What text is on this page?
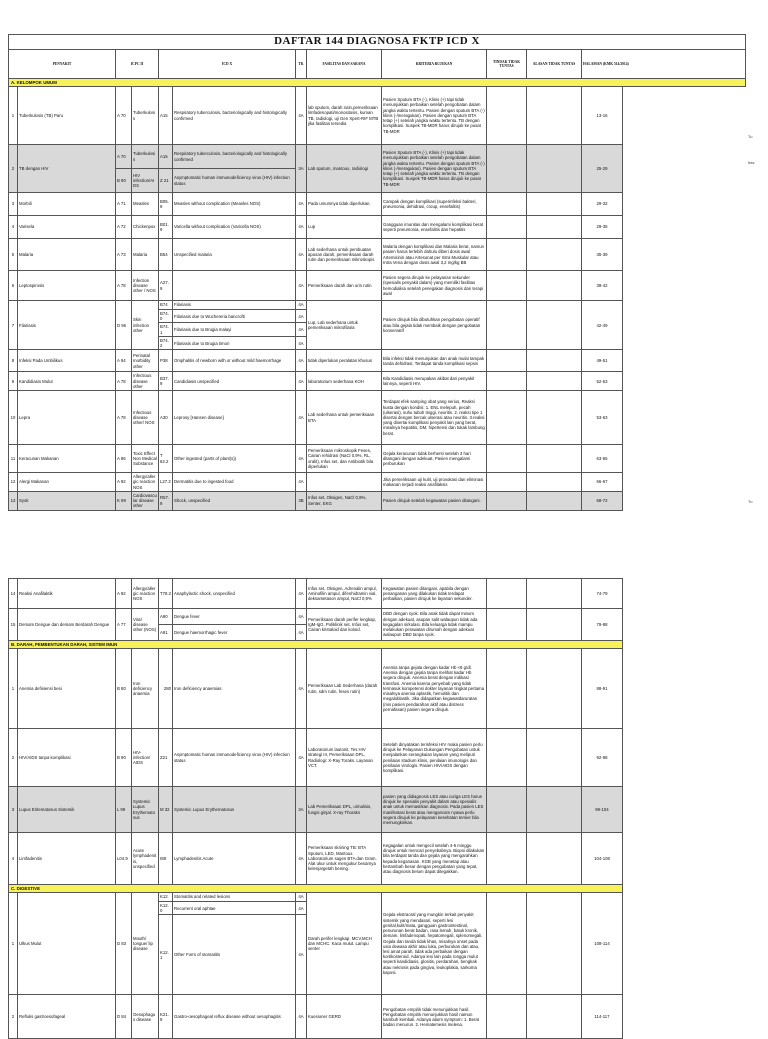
DAFTAR 144 DIAGNOSA FKTP ICD X												
PENYAKIT		ICPC II		ICD X		TK	FASILITAS DAN SARANA	KRITERIA RUJUKAN	TINDAK TIDAK TUNTAS	ALASAN TIDAK TUNTAS	HALAMAN (KMK 514/2014)	
A. KELOMPOK UMUM												
1	Tuberkulosis (TB) Paru	A 70	Tuberkulosis	A15	Respiratory tuberculosis, bacteriologically and histologically confirmed	4A	lab sputum, darah rutin,pemeriksaan limfadenopati/monositosis, kuman TB, radiologi, uji Gen Xpert-RIF MTB jika fasilitas tersedia	Pasien Sputum BTA (-), Klinis (+) tapi tidak menunjukkan perbaikan setelah pengobatan dalam jangka waktu tertentu. Pasien dengan sputum BTA (-) klinis (-/meragukan). Pasien dengan sputum BTA tetap (+) setelah jangka waktu tertentu. TB dengan komplikasi. Suspek TB-MDR harus dirujuk ke pusat TB-MDR			13-16	
2	TB dengan HIV	A 70	Tuberkulosis	A15	Respiratory tuberculosis, bacteriologically and histologically confirmed	3A	Lab sputum, mantoux, radiologi	Pasien Sputum BTA (-), Klinis (+) tapi tidak menunjukkan perbaikan setelah pengobatan dalam jangka waktu tertentu. Pasien dengan sputum BTA (-) klinis (-/meragukan). Pasien dengan sputum BTA tetap (+) setelah jangka waktu tertentu. TB dengan komplikasi. Suspek TB-MDR harus dirujuk ke pusat TB-MDR			25-29	
		B 90	HIV infection/AIDS	Z 21	Asymptomatic human immunodeficiency virus (HIV) infection status							
3	Morbili	A 71	Measles	B05.9	Measles without complication (Measles NOS)	4A	Pada umumnya tidak diperlukan.	Campak dengan komplikasi (superinfeksi bakteri, pneumonia, dehidrasi, croup, ensefalitis)			29-32	
4	Varisela	A 72	Chickenpox	B01.9	Varicella without complication (Varicella NOS)	4A	Lup	Gangguan imunitas dan mengalami komplikasi berat seperti pneumonia, ensefalitis dan hepatitis			29-35	
5	Malaria	A 73	Malaria	B54	Unspecified malaria	4A	Lab sederhana untuk pembuatan apusan darah, pemeriksaan darah rutin dan pemeriksaan mikroskopis	Malaria dengan komplikasi dan Malaria berat, namun pasien harus terlebih dahulu diberi dosis awal Artemisinin atau Artesunat per Intra Muskular atau Intra Vena dengan dosis awal 3,2 mg/kg BB			35-39	
6	Leptospirosis	A 78	Infection disease other / NOS	A27.9		4A	Pemeriksaan darah dan urin rutin	Pasien segera dirujuk ke pelayanan sekunder (spesialis penyakit dalam) yang memiliki fasilitas hemodialisa setelah penegakan diagnosis dan terapi awal			39-42	
7	Filariasis	D 96	Skin infection other	B74	Filariasis	4A	Lup, Lab sederhana untuk pemeriksaan mikrofilaria	Pasien dirujuk bila dibutuhkan pengobatan operatif atau bila gejala tidak membaik dengan pengobatan konservatif			42-49	
				B74.0	Filariasis due to Wuchereria bancrofti	4A						
				B74.1	Filariasis due to Brugia malayi	4A						
				B74.2	Filariasis due to Brugia timori	4A						
8	Infeksi Pada Umbilikus	A 94	Perinatal morbidity other	P38	Omphalitis of newborn with or without mild haemorrhage	4A	tidak diperlukan peralatan khusus	Bila infeksi tidak menunjukan dan anak mulai tampak tanda dehidrasi, Terdapat tanda komplikasi sepsis			49-51	
9	Kandidiasis Mulut	A 78	Infectious disease other	B37.9	Candidiasis unspecified	4A	laboratorium sederhana KOH	Bila Kandidiasis merupakan akibat dari penyakit lainnya, seperti HIV.			52-53	
10	Lepra	A 78	Infectious disease other/ NOS	A30	Leprosy [Hansen disease]	4A	Lab sederhana untuk pemeriksaan BTA	Terdapat efek samping obat yang serius, Reaksi kusta dengan kondisi: 1. ENL melepuh, pecah (ulserasi), suhu tubuh tinggi, neuritis. 2. reaksi tipe 1 disertai dengan bercak ulserasi atau neuritis. 3.reaksi yang disertai komplikasi penyakit lain yang berat, misalnya hepatitis, DM, hipertensi dan tukak lambung berat.			53-63	
11	Keracunan Makanan	A 86	Toxic Effect Non Medical Substance	T 62.2	Other ingested (parts of plant(s))	4A	Pemeriksaan mikroskopik Feses, Cairan rehidrasi (NaCl 0,9%, RL, oralit), Infus set, dan Antibiotik bila diperlukan	Gejala keracunan tidak berhenti setelah 3 hari ditangani dengan adekuat, Pasien mengalami perburukan			63-65	
12	Alergi Makanan	A 92	Allergy/allergic reaction NOS	L27.2	Dermatitis due to ingested food	4A		Jika pemeriksaan uji kulit, uji provokasi dan eliminasi makanan terjadi reaksi anafilaksis			66-67	
13	Syok	K 99	Cardiovascular disease other	R57.9	Shock, unspecified	3B	Infus set, Oksigen, NaCl 0,9%, Senter, EKG	Pasien dirujuk setelah kegawatan pasien ditangani.			68-72	
Tu
Itas
Tu
14	Reaksi Anafilaktik	A 92	Allergy/allergic reaction NOS	T78.2	Anaphylactic shock, unspecified	4A	Infus set, Oksigen, Adrenalin ampul, Aminofilin ampul, difenhidramin vial, deksametason ampul, NaCl 0,9%	Kegawatan pasien ditangani, apabila dengan penanganan yang dilakukan tidak terdapat perbaikan, pasien dirujuk ke layanan sekunder.			74-79	
15	Demam Dengue dan demam Berdarah Dengue	A 77	Viral disease other (NOS)	A90	Dengue fever	4A	Pemeriksaan darah perifer lengkap, IgM-IgG, Poliklinik set, Infus set, Cairan kristaloid dan koloid.	DBD dengan syok. Bila anak tidak dapat minum dengan adekuat, asupan salit walaupun tidak ada kegagalan sirkulasi. Bila keluarga tidak mampu melakukan perawatan dirumah dengan adekuat walaupun DBD tanpa syok.			79-88	
				A91	Dengue haemorrhagic fever	4A						
B. DARAH, PEMBENTUKAN DARAH, SISTEM IMUN												
1	Anemia defisiensi besi	B 80	Iron deficiency anaemia	280	Iron deficiency anaemias	4A	Pemeriksaan Lab Sederhana (darah rutin, sdm rutin, feses rutin)	Anemia tanpa gejala dengan kadar Hb <8 g/dl. Anemia dengan gejala tanpa melihat kadar Hb segera dirujuk. Anemia berat dengan indikasi transfusi. Anemia karena penyebab yang tidak termasuk kompetensi dokter layanan tingkat pertama misalnya anemia aplastik, hemolitik dan megaloblastik. Jika didapatkan kegawatdaruratan (mis pasien pendarahan aktif atau distress pernafasan) pasien segera dirujuk.			88-91	
2	HIV/AIDS tanpa komplikasi	B 90	HIV-infection/ AIDS	Z21	Asymptomatic human immunodeficiency virus (HIV) infection status	4A	Laboratorium lautonit, Tes HIV strategi III, Pemeriksaan DPL, Radiologi: X-Ray Toraks. Layanan VCT.	Setelah dinyatakan terinfeksi HIV maka pasien perlu dirujuk ke Pelayanan Dukungan Pengobatan untuk menjalankan serangkaian layanan yang meliputi penilaian stadium klinis, penilaian imunologis dan penilaian virologis. Pasien HIV/AIDS dengan komplikasi.			92-98	
3	Lupus Eritematosus Sistemik	L 99	Systemic Lupus Erythematosus	M 32	Systemic Lupus Erythematosus	3A	Lab Pemeriksaan DPL, urinalisis, fungsi ginjal. X-ray Thoraks	pasien yang didiagnosis LES atau curiga LES harus dirujuk ke spesialis penyakit dalam atau spesialis anak untuk memastikan diagnosis. Pada pasien LES manifestasi berat atau mengancam nyawa perlu segera dirujuk ke pelayanan kesehatan tersier bila memungkinkan.			99-104	
4	Limfadenitis	L04.9	Acute lymphadenitis, unspecified	I88	Lymphadenitis Acute	4A	Pemeriksaan skrining TB: BTA Sputum, LED, Mantoux. Laboratorium sagen BTA dan Gram. Alat ukur untuk mengukur besarnya kelenjargetah bening.	Kegagalan untuk mengecil setelah 4-6 minggu dirujuk untuk mencari penyebabnya. Biopsi dilakukan bila terdapat tanda dan gejala yang mengarahkan kepada keganasan. KGB yang menetap atau bertambah besar dengan pengobatan yang tepat, atau diagnosis belum dapat ditegakkan.			104-108	
C. DIGESTIVE												
1	Ulkus Mulut	D 83	Mouth/ tongue/ lip disease	K12	Stomatitis and related lesions	4A	Darah perifer lengkap. MCV,MCH dan MCHC. Kaca mulut. Lampu senter	Gejala ekstraoral yang mungkin terkait penyakit sistemik yang mendasari, seperti lesi genital,kulit/mata, gangguan gastrointestinal, penurunan berat badan, rasa lemah, batuk kronik, demam, limfadenopati, hepatomegali, splenomegali. Gejala dan tanda tidak khas, misalnya onset pada usia dewasa akhir atau luka, perburukan dan atau, lesi amat parah, tidak ada perbaikan dengan kortikosteroid. Adanya lesi lain pada rongga mulut seperti kandidiasis, glositis, perdarahan, bengkak atau nekrosis pada gingiva, leukoplakia, sarkoma kaposi.			108-114	
				K12.0	Recurrent oral aphtae	4A						
				K12.1	Other Form of stomatitis	4A						
2	Refluks gastroesofageal	D 84	Oesophagus disease	K21.9	Gastro-oesophageal reflux disease without oesophagitis	4A	Kuesioner GERD	Pengobatan empirik tidak menunjukkan hasil. Pengobatan empirik menunjukkan hasil namun kambuh kembali. Adanya alarm symptom: 1. Berat badan menurun. 2. Hematemesis melena.			114-117	
